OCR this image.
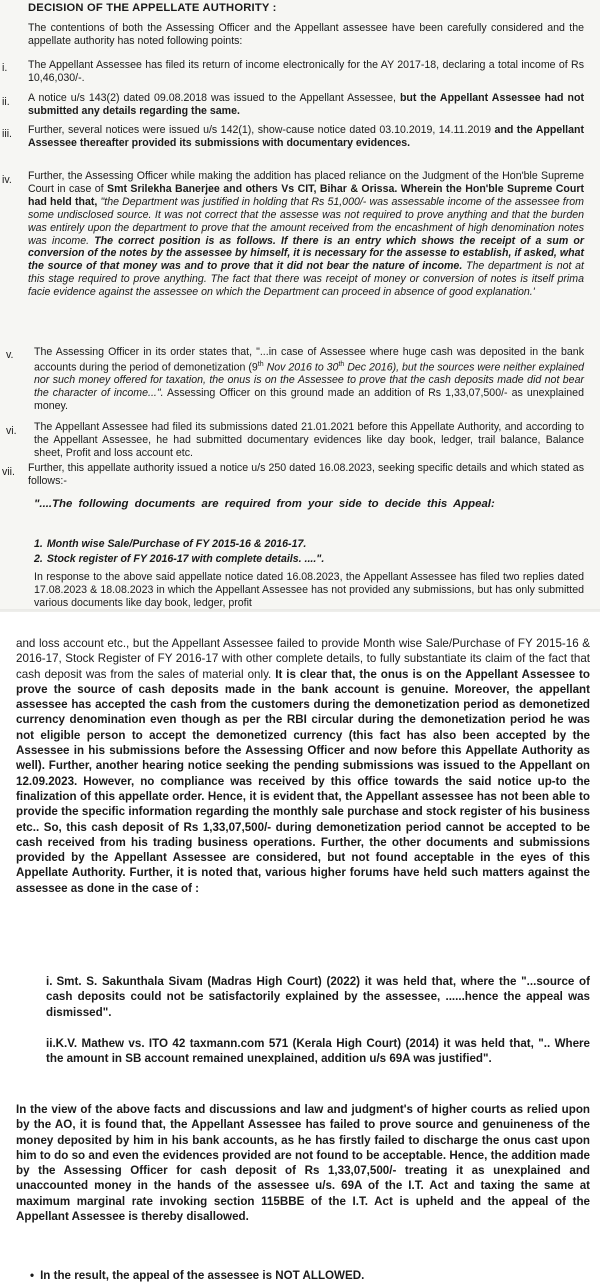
DECISION OF THE APPELLATE AUTHORITY :
The contentions of both the Assessing Officer and the Appellant assessee have been carefully considered and the appellate authority has noted following points:
i. The Appellant Assessee has filed its return of income electronically for the AY 2017-18, declaring a total income of Rs 10,46,030/-.
ii. A notice u/s 143(2) dated 09.08.2018 was issued to the Appellant Assessee, but the Appellant Assessee had not submitted any details regarding the same.
iii. Further, several notices were issued u/s 142(1), show-cause notice dated 03.10.2019, 14.11.2019 and the Appellant Assessee thereafter provided its submissions with documentary evidences.
iv. Further, the Assessing Officer while making the addition has placed reliance on the Judgment of the Hon'ble Supreme Court in case of Smt Srilekha Banerjee and others Vs CIT, Bihar & Orissa. Wherein the Hon'ble Supreme Court had held that, "the Department was justified in holding that Rs 51,000/- was assessable income of the assessee from some undisclosed source. It was not correct that the assesse was not required to prove anything and that the burden was entirely upon the department to prove that the amount received from the encashment of high denomination notes was income. The correct position is as follows. If there is an entry which shows the receipt of a sum or conversion of the notes by the assessee by himself, it is necessary for the assesse to establish, if asked, what the source of that money was and to prove that it did not bear the nature of income. The department is not at this stage required to prove anything. The fact that there was receipt of money or conversion of notes is itself prima facie evidence against the assessee on which the Department can proceed in absence of good explanation.'
v. The Assessing Officer in its order states that, "...in case of Assessee where huge cash was deposited in the bank accounts during the period of demonetization (9th Nov 2016 to 30th Dec 2016), but the sources were neither explained nor such money offered for taxation, the onus is on the Assessee to prove that the cash deposits made did not bear the character of income...". Assessing Officer on this ground made an addition of Rs 1,33,07,500/- as unexplained money.
vi. The Appellant Assessee had filed its submissions dated 21.01.2021 before this Appellate Authority, and according to the Appellant Assessee, he had submitted documentary evidences like day book, ledger, trail balance, Balance sheet, Profit and loss account etc.
vii. Further, this appellate authority issued a notice u/s 250 dated 16.08.2023, seeking specific details and which stated as follows:-
"....The following documents are required from your side to decide this Appeal:
1. Month wise Sale/Purchase of FY 2015-16 & 2016-17.
2. Stock register of FY 2016-17 with complete details. ....".
In response to the above said appellate notice dated 16.08.2023, the Appellant Assessee has filed two replies dated 17.08.2023 & 18.08.2023 in which the Appellant Assessee has not provided any submissions, but has only submitted various documents like day book, ledger, profit
and loss account etc., but the Appellant Assessee failed to provide Month wise Sale/Purchase of FY 2015-16 & 2016-17, Stock Register of FY 2016-17 with other complete details, to fully substantiate its claim of the fact that cash deposit was from the sales of material only. It is clear that, the onus is on the Appellant Assessee to prove the source of cash deposits made in the bank account is genuine. Moreover, the appellant assessee has accepted the cash from the customers during the demonetization period as demonetized currency denomination even though as per the RBI circular during the demonetization period he was not eligible person to accept the demonetized currency (this fact has also been accepted by the Assessee in his submissions before the Assessing Officer and now before this Appellate Authority as well). Further, another hearing notice seeking the pending submissions was issued to the Appellant on 12.09.2023. However, no compliance was received by this office towards the said notice up-to the finalization of this appellate order. Hence, it is evident that, the Appellant assessee has not been able to provide the specific information regarding the monthly sale purchase and stock register of his business etc.. So, this cash deposit of Rs 1,33,07,500/- during demonetization period cannot be accepted to be cash received from his trading business operations. Further, the other documents and submissions provided by the Appellant Assessee are considered, but not found acceptable in the eyes of this Appellate Authority. Further, it is noted that, various higher forums have held such matters against the assessee as done in the case of :
i. Smt. S. Sakunthala Sivam (Madras High Court) (2022) it was held that, where the "...source of cash deposits could not be satisfactorily explained by the assessee, ......hence the appeal was dismissed".
ii.K.V. Mathew vs. ITO 42 taxmann.com 571 (Kerala High Court) (2014) it was held that, ".. Where the amount in SB account remained unexplained, addition u/s 69A was justified".
In the view of the above facts and discussions and law and judgment's of higher courts as relied upon by the AO, it is found that, the Appellant Assessee has failed to prove source and genuineness of the money deposited by him in his bank accounts, as he has firstly failed to discharge the onus cast upon him to do so and even the evidences provided are not found to be acceptable. Hence, the addition made by the Assessing Officer for cash deposit of Rs 1,33,07,500/- treating it as unexplained and unaccounted money in the hands of the assessee u/s. 69A of the I.T. Act and taxing the same at maximum marginal rate invoking section 115BBE of the I.T. Act is upheld and the appeal of the Appellant Assessee is thereby disallowed.
• In the result, the appeal of the assessee is NOT ALLOWED.
